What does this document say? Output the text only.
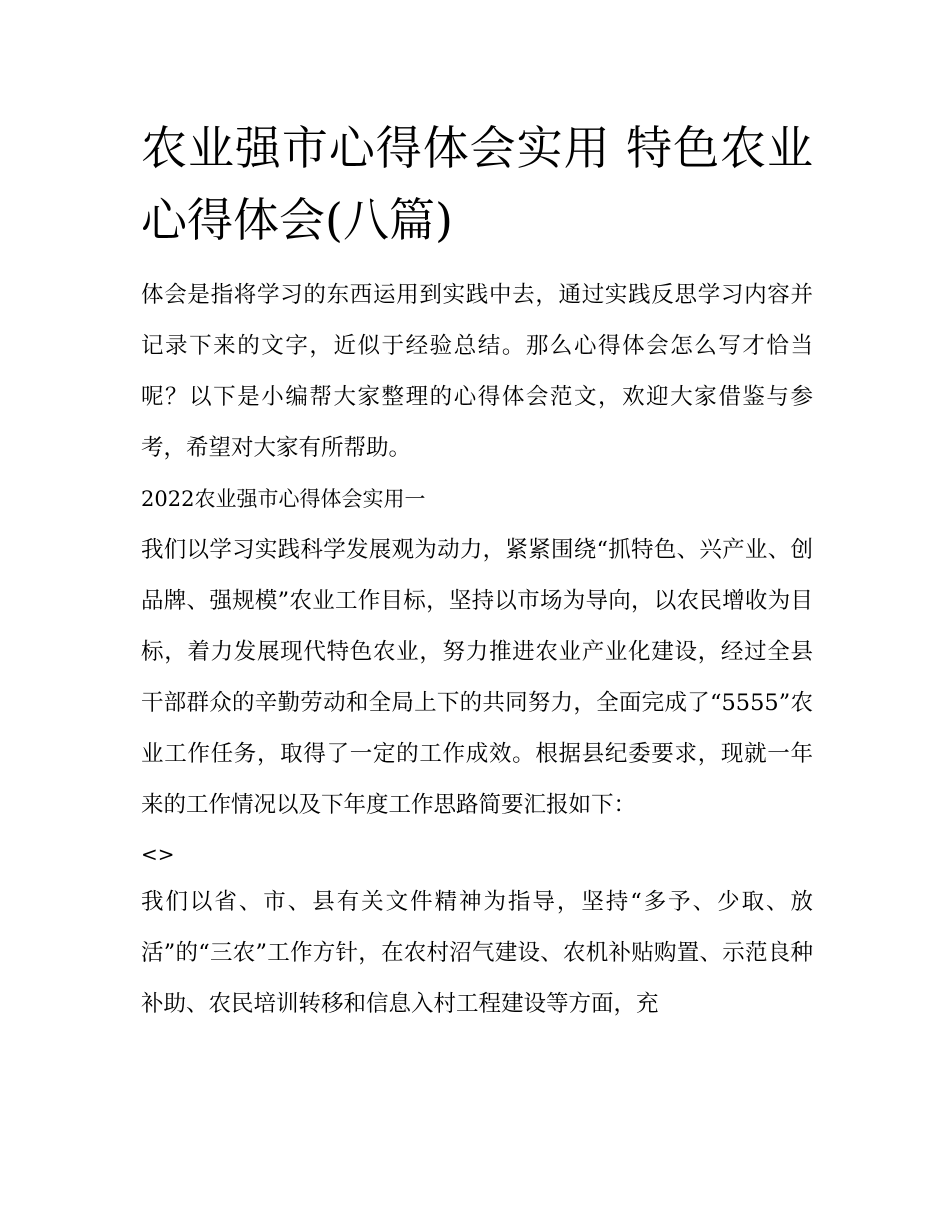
农业强市心得体会实用 特色农业心得体会(八篇)

体会是指将学习的东西运用到实践中去，通过实践反思学习内容并记录下来的文字，近似于经验总结。那么心得体会怎么写才恰当呢？以下是小编帮大家整理的心得体会范文，欢迎大家借鉴与参考，希望对大家有所帮助。

2022农业强市心得体会实用一

我们以学习实践科学发展观为动力，紧紧围绕“抓特色、兴产业、创品牌、强规模”农业工作目标，坚持以市场为导向，以农民增收为目标，着力发展现代特色农业，努力推进农业产业化建设，经过全县干部群众的辛勤劳动和全局上下的共同努力，全面完成了“5555”农业工作任务，取得了一定的工作成效。根据县纪委要求，现就一年来的工作情况以及下年度工作思路简要汇报如下：

<>

我们以省、市、县有关文件精神为指导，坚持“多予、少取、放活”的“三农”工作方针，在农村沼气建设、农机补贴购置、示范良种补助、农民培训转移和信息入村工程建设等方面，充
